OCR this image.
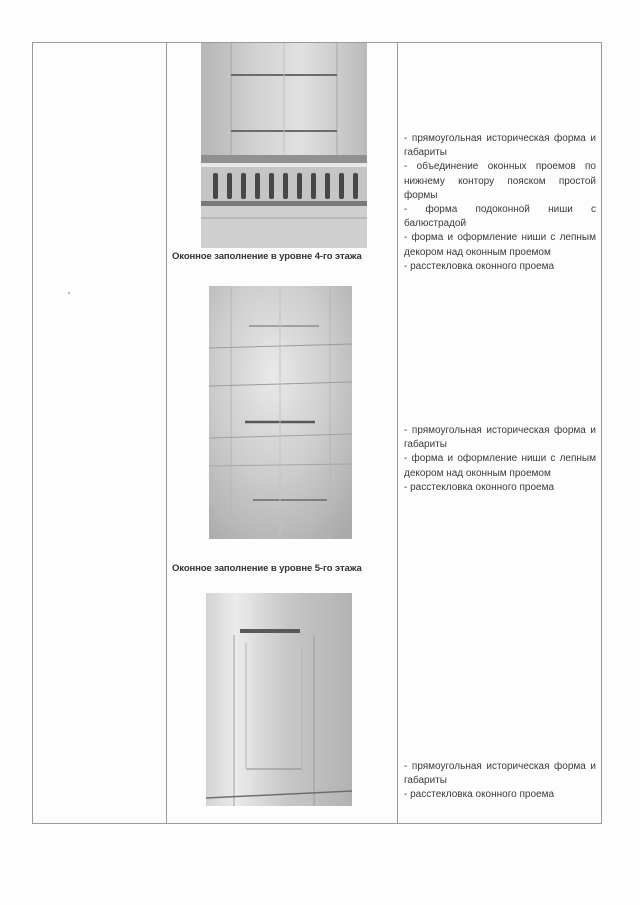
Оконное заполнение в уровне 4-го этажа
Оконное заполнение в уровне 5-го этажа

- прямоугольная историческая форма и габариты

- объединение оконных проемов по нижнему контору пояском простой формы

- форма подоконной ниши с балюстрадой

- форма и оформление ниши с лепным декором над оконным проемом

- расстекловка оконного проема

- прямоугольная историческая форма и габариты

- форма и оформление ниши с лепным декором над оконным проемом

- расстекловка оконного проема

- прямоугольная историческая форма и габариты

- расстекловка оконного проема
